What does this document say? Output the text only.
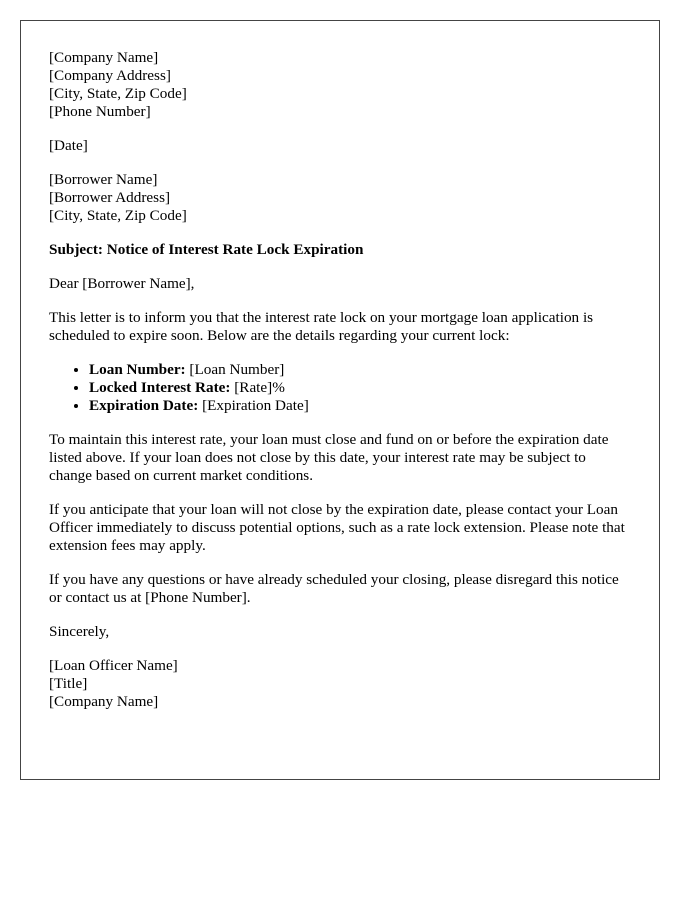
[Company Name]
[Company Address]
[City, State, Zip Code]
[Phone Number]
[Date]
[Borrower Name]
[Borrower Address]
[City, State, Zip Code]
Subject: Notice of Interest Rate Lock Expiration
Dear [Borrower Name],
This letter is to inform you that the interest rate lock on your mortgage loan application is scheduled to expire soon. Below are the details regarding your current lock:
• Loan Number: [Loan Number]
• Locked Interest Rate: [Rate]%
• Expiration Date: [Expiration Date]
To maintain this interest rate, your loan must close and fund on or before the expiration date listed above. If your loan does not close by this date, your interest rate may be subject to change based on current market conditions.
If you anticipate that your loan will not close by the expiration date, please contact your Loan Officer immediately to discuss potential options, such as a rate lock extension. Please note that extension fees may apply.
If you have any questions or have already scheduled your closing, please disregard this notice or contact us at [Phone Number].
Sincerely,
[Loan Officer Name]
[Title]
[Company Name]
